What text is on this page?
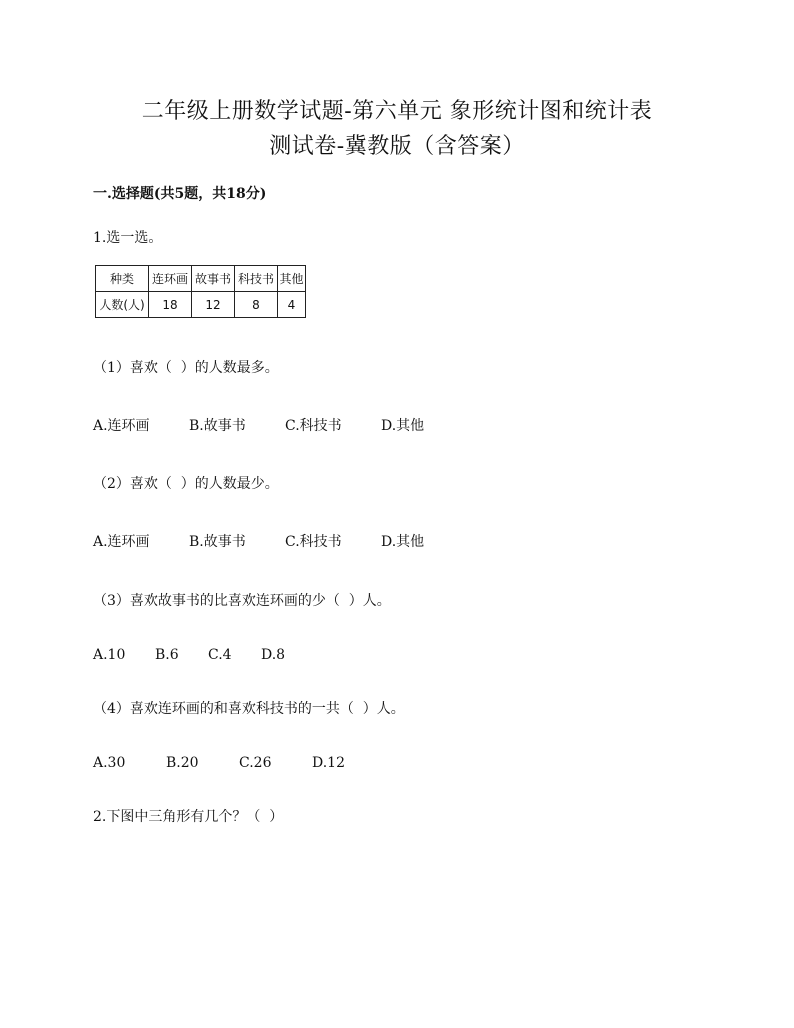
二年级上册数学试题-第六单元 象形统计图和统计表
测试卷-冀教版（含答案）
一.选择题(共5题，共18分)
1.选一选。
种类	连环画	故事书	科技书	其他
人数(人)	18	12	8	4
（1）喜欢（  ）的人数最多。
A.连环画	B.故事书	C.科技书	D.其他
（2）喜欢（  ）的人数最少。
A.连环画	B.故事书	C.科技书	D.其他
（3）喜欢故事书的比喜欢连环画的少（  ）人。
A.10	B.6	C.4	D.8
（4）喜欢连环画的和喜欢科技书的一共（  ）人。
A.30	B.20	C.26	D.12
2.下图中三角形有几个？（  ）
